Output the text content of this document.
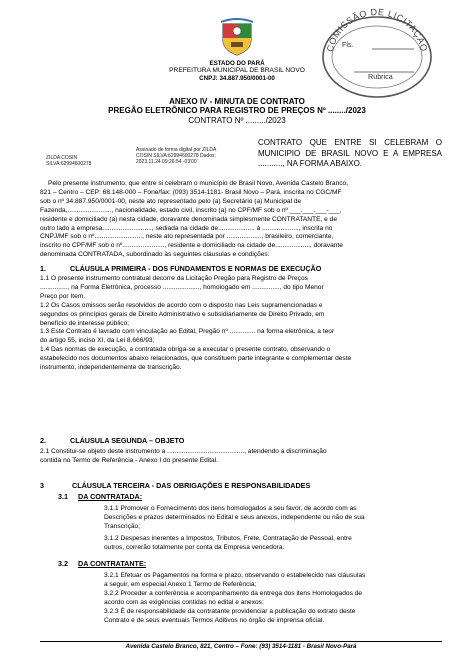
ESTADO DO PARÁ
PREFEITURA MUNICIPAL DE BRASIL NOVO
CNPJ: 34.887.950/0001-00
COMISSÃO DE LICITAÇÃO
Fls.
Rubrica
ANEXO IV - MINUTA DE CONTRATO
PREGÃO ELETRÔNICO PARA REGISTRO DE PREÇOS Nº ......../2023
CONTRATO Nº ........./2023
ZILDA COSIN SILVA:62994600278
Assinado de forma digital por ZILDA COSIN SILVA:62994600278 Dados: 2023.11.24 09:26:54 -03'00'
CONTRATO QUE ENTRE SI CELEBRAM O MUNICIPIO DE BRASIL NOVO E A EMPRESA ..........., NA FORMA ABAIXO.
Pelo presente instrumento, que entre si celebram o município de Brasil Novo, Avenida Castelo Branco,
821 – Centro – CEP: 68.148-000 – Fone/fax: (093) 3514-1181- Brasil Novo – Pará, inscrita no CGC/MF
sob o nº 34.887.950/0001-00, neste ato representado pelo (a) Secretário (a) Municipal de
Fazenda,........................, nacionalidade, estado civil, inscrito (a) no CPF/MF sob o nº ___.___.___-___,
residente e domiciliado (a) nesta cidade, doravante denominada simplesmente CONTRATANTE, e de
outro lado a empresa..........................., sediada na cidade de.................... à ...................., inscrita no
CNPJ/MF sob o nº.........................., neste ato representada por ..................., brasileiro, comerciante,
inscrito no CPF/MF sob o nº......................., residente e domiciliado na cidade de..................., doravante
denominada CONTRATADA, subordinado às seguintes cláusulas e condições:
1.	CLÁUSULA PRIMEIRA - DOS FUNDAMENTOS E NORMAS DE EXECUÇÃO
1.1 O presente instrumento contratual decorre da Licitação Pregão para Registro de Preços
..............., na Forma Eletrônica, processo ...................., homologado em ..............., do tipo Menor
Preço por Item.
1.2 Os Casos omissos serão resolvidos de acordo com o disposto nas Leis supramencionadas e
segundos os princípios gerais de Direito Administrativo e subsidiariamente de Direito Privado, em
benefício de interesse público;
1.3 Este Contrato é lavrado com vinculação ao Edital, Pregão nº .............. na forma eletrônica, a teor
do artigo 55, inciso XI, da Lei 8.666/93;
1.4 Das normas de execução, a contratada obriga-se a executar o presente contrato, observando o
estabelecido nos documentos abaixo relacionados, que constituem parte integrante e complementar deste
instrumento, independentemente de transcrição.
2.	CLÁUSULA SEGUNDA – OBJETO
2.1 Constitui-se objeto deste instrumento a .........................................., atendendo a discriminação
contida no Termo de Referência - Anexo I do presente Edital.
3	CLÁUSULA TERCEIRA - DAS OBRIGAÇÕES E RESPONSABILIDADES
3.1 DA CONTRATADA:
3.1.1 Promover o Fornecimento dos itens homologados a seu favor, de acordo com as
Descrições e prazos determinados no Edital e seus anexos, independente ou não de sua
Transcrição;
3.1.2 Despesas inerentes a Impostos, Tributos, Frete, Contratação de Pessoal, entre
outros, correrão totalmente por conta da Empresa vencedora.
3.2 DA CONTRATANTE:
3.2.1 Efetuar os Pagamentos na forma e prazo, observando o estabelecido nas cláusulas
a seguir, em especial Anexo 1 Termo de Referência;
3.2.2 Proceder a conferência e acompanhamento da entrega dos itens Homologados de
acordo com as exigências contidas no edital e anexos;
3.2.3 É de responsabilidade da contratante providenciar a publicação do extrato deste
Contrato e de seus eventuais Termos Aditivos no órgão de imprensa oficial.
Avenida Castelo Branco, 821, Centro – Fone: (93) 3514-1181 - Brasil Novo-Pará
